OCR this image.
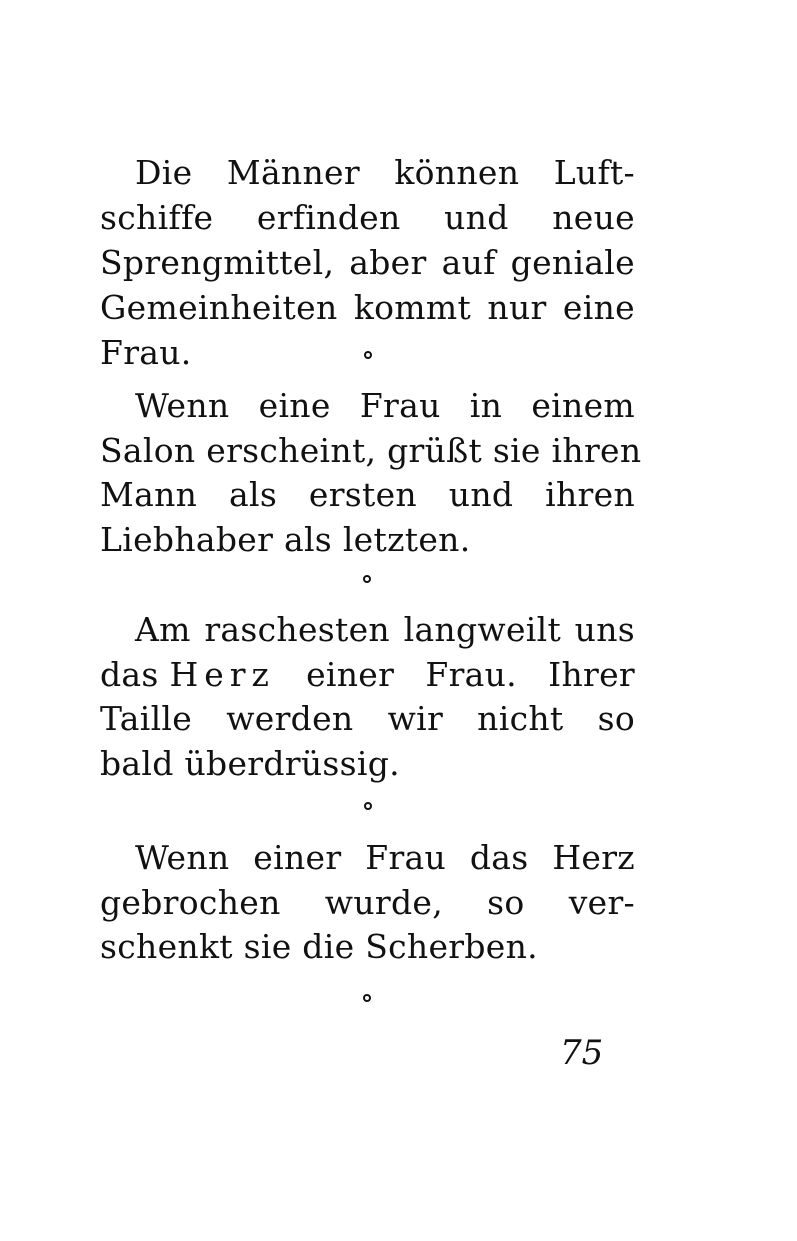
Die Männer können Luft-
schiffe erfinden und neue
Sprengmittel, aber auf geniale
Gemeinheiten kommt nur eine
Frau.
Wenn eine Frau in einem
Salon erscheint, grüßt sie ihren
Mann als ersten und ihren
Liebhaber als letzten.
Am raschesten langweilt uns
das Herz einer Frau. Ihrer
Taille werden wir nicht so
bald überdrüssig.
Wenn einer Frau das Herz
gebrochen wurde, so ver-
schenkt sie die Scherben.
75
